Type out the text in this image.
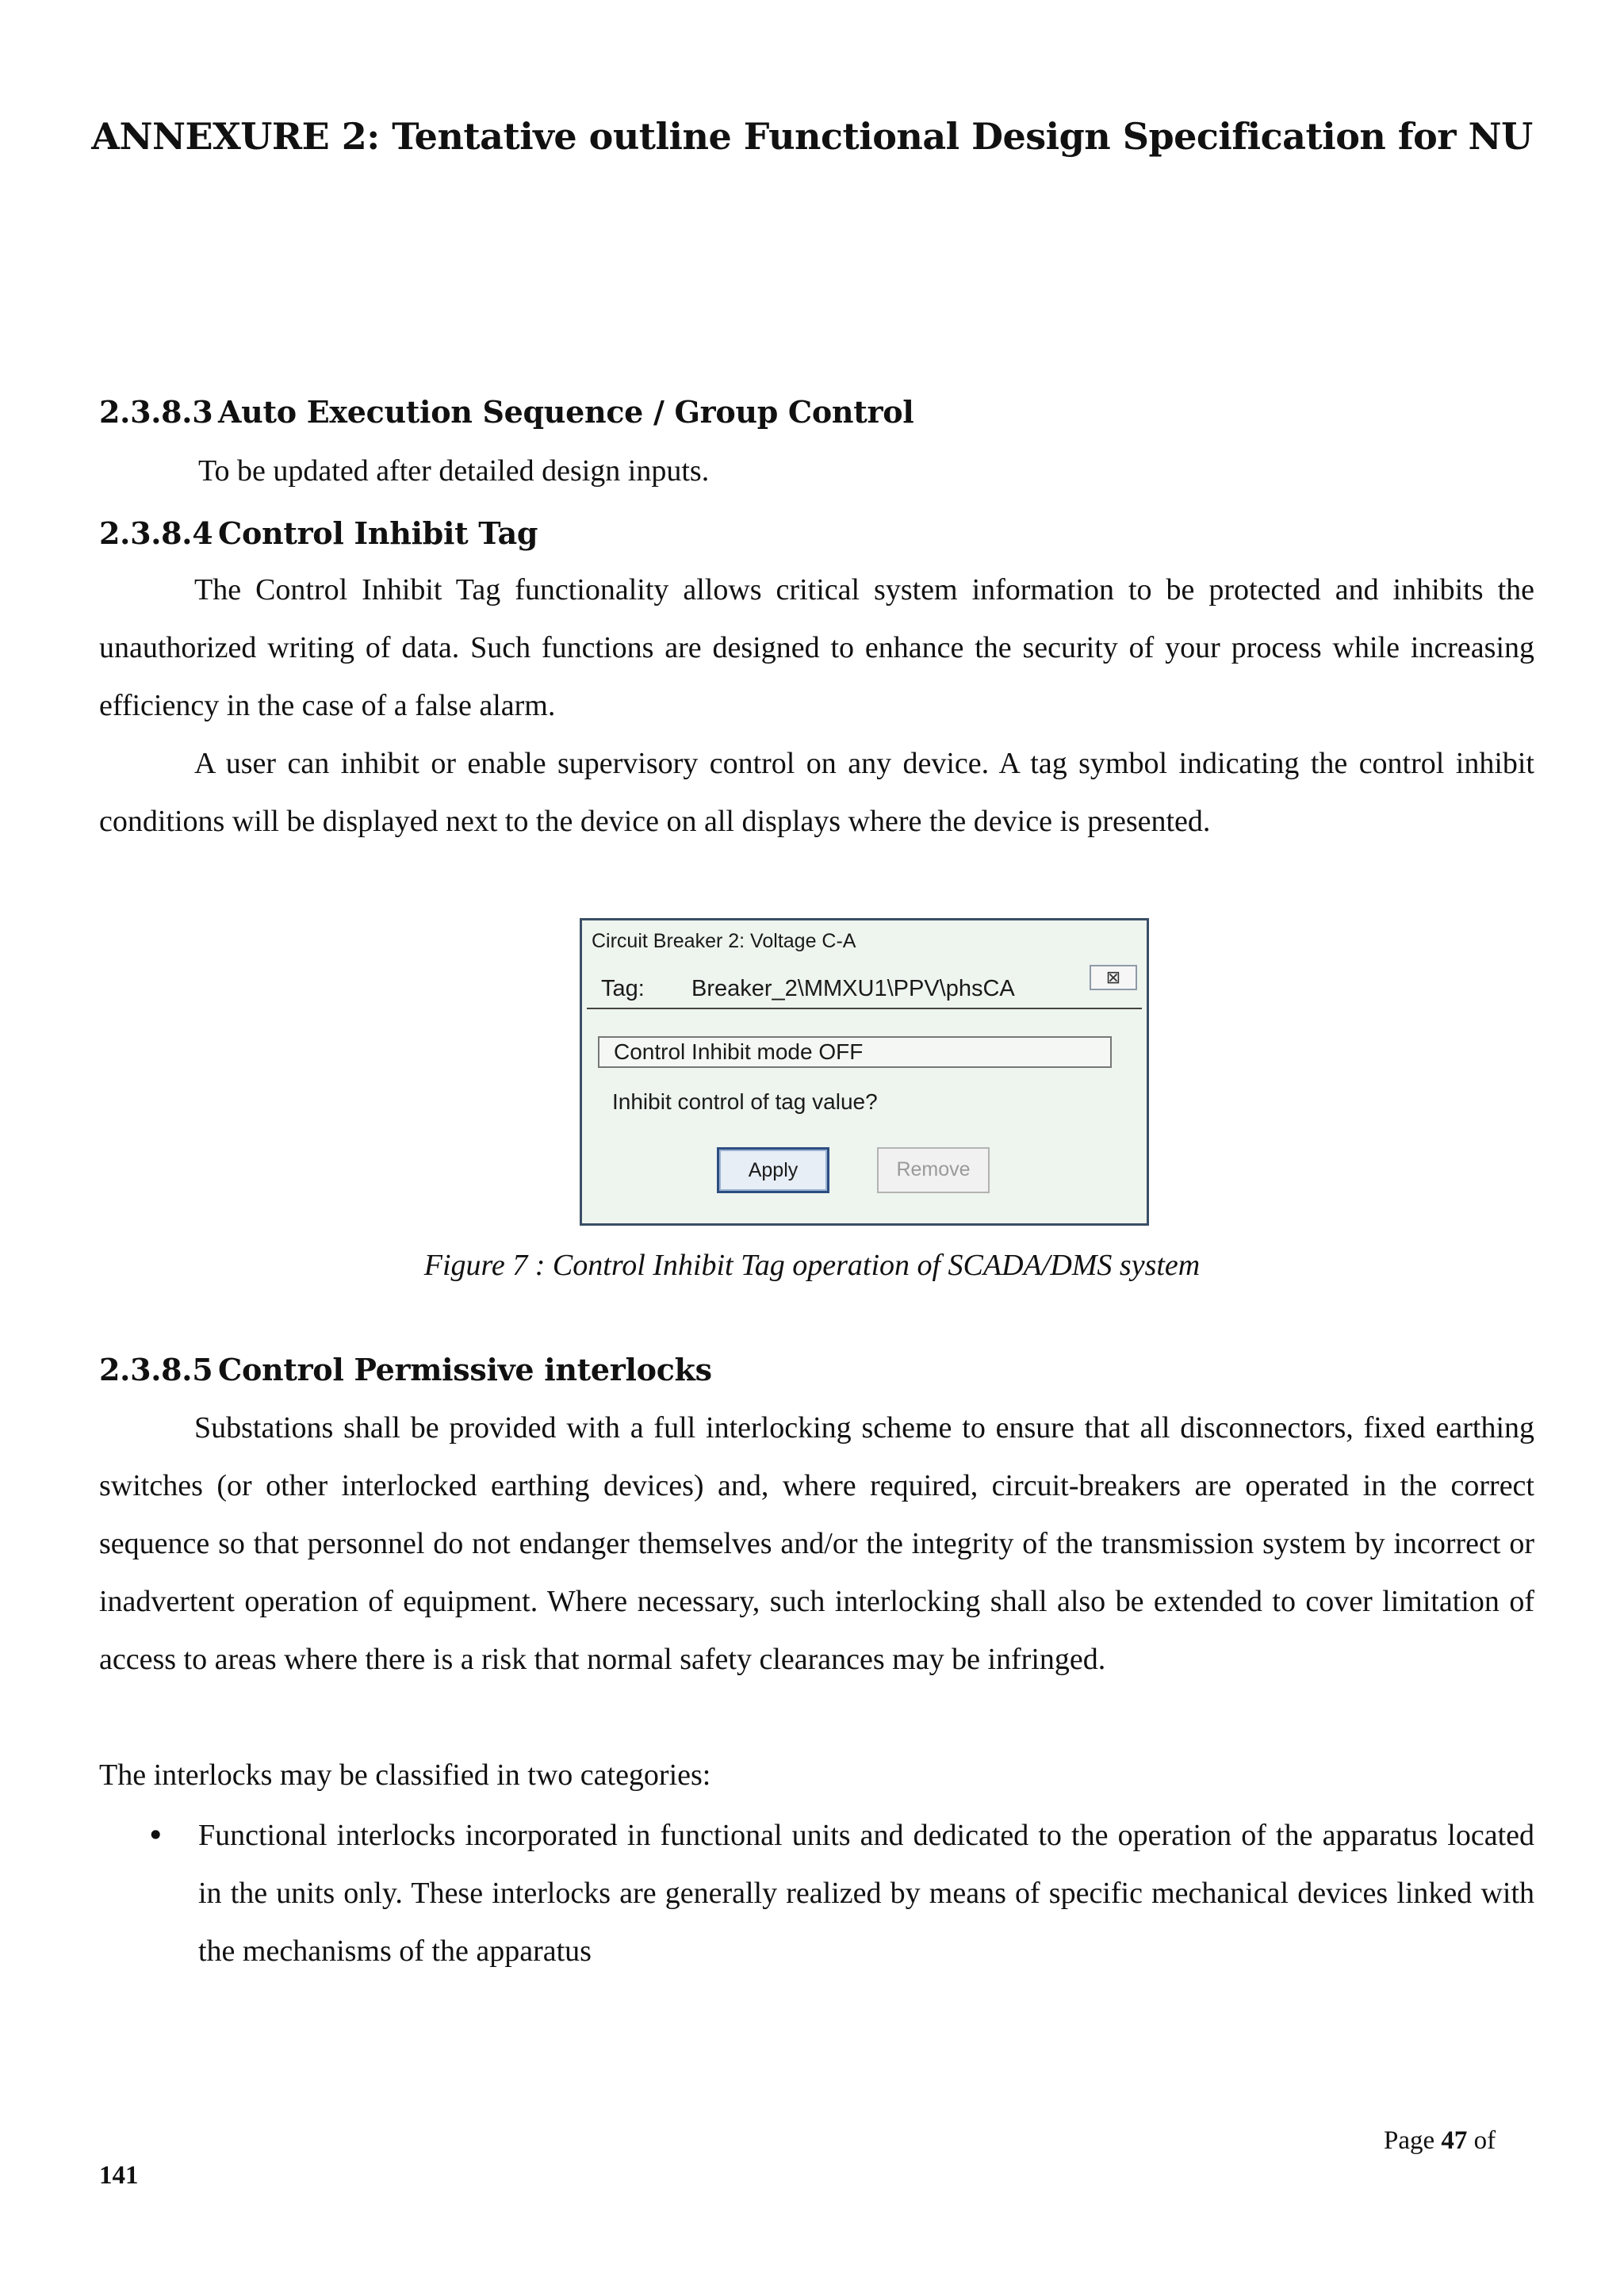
ANNEXURE 2: Tentative outline Functional Design Specification for NU
2.3.8.3 Auto Execution Sequence / Group Control
To be updated after detailed design inputs.
2.3.8.4 Control Inhibit Tag
The Control Inhibit Tag functionality allows critical system information to be protected and inhibits the unauthorized writing of data. Such functions are designed to enhance the security of your process while increasing efficiency in the case of a false alarm.
A user can inhibit or enable supervisory control on any device. A tag symbol indicating the control inhibit conditions will be displayed next to the device on all displays where the device is presented.
Circuit Breaker 2: Voltage C-A
Tag: Breaker_2\MMXU1\PPV\phsCA	⊠
Control Inhibit mode OFF
Inhibit control of tag value?
Apply	Remove
Figure 7 : Control Inhibit Tag operation of SCADA/DMS system
2.3.8.5 Control Permissive interlocks
Substations shall be provided with a full interlocking scheme to ensure that all disconnectors, fixed earthing switches (or other interlocked earthing devices) and, where required, circuit-breakers are operated in the correct sequence so that personnel do not endanger themselves and/or the integrity of the transmission system by incorrect or inadvertent operation of equipment. Where necessary, such interlocking shall also be extended to cover limitation of access to areas where there is a risk that normal safety clearances may be infringed.
The interlocks may be classified in two categories:
• Functional interlocks incorporated in functional units and dedicated to the operation of the apparatus located in the units only. These interlocks are generally realized by means of specific mechanical devices linked with the mechanisms of the apparatus
Page 47 of
141
